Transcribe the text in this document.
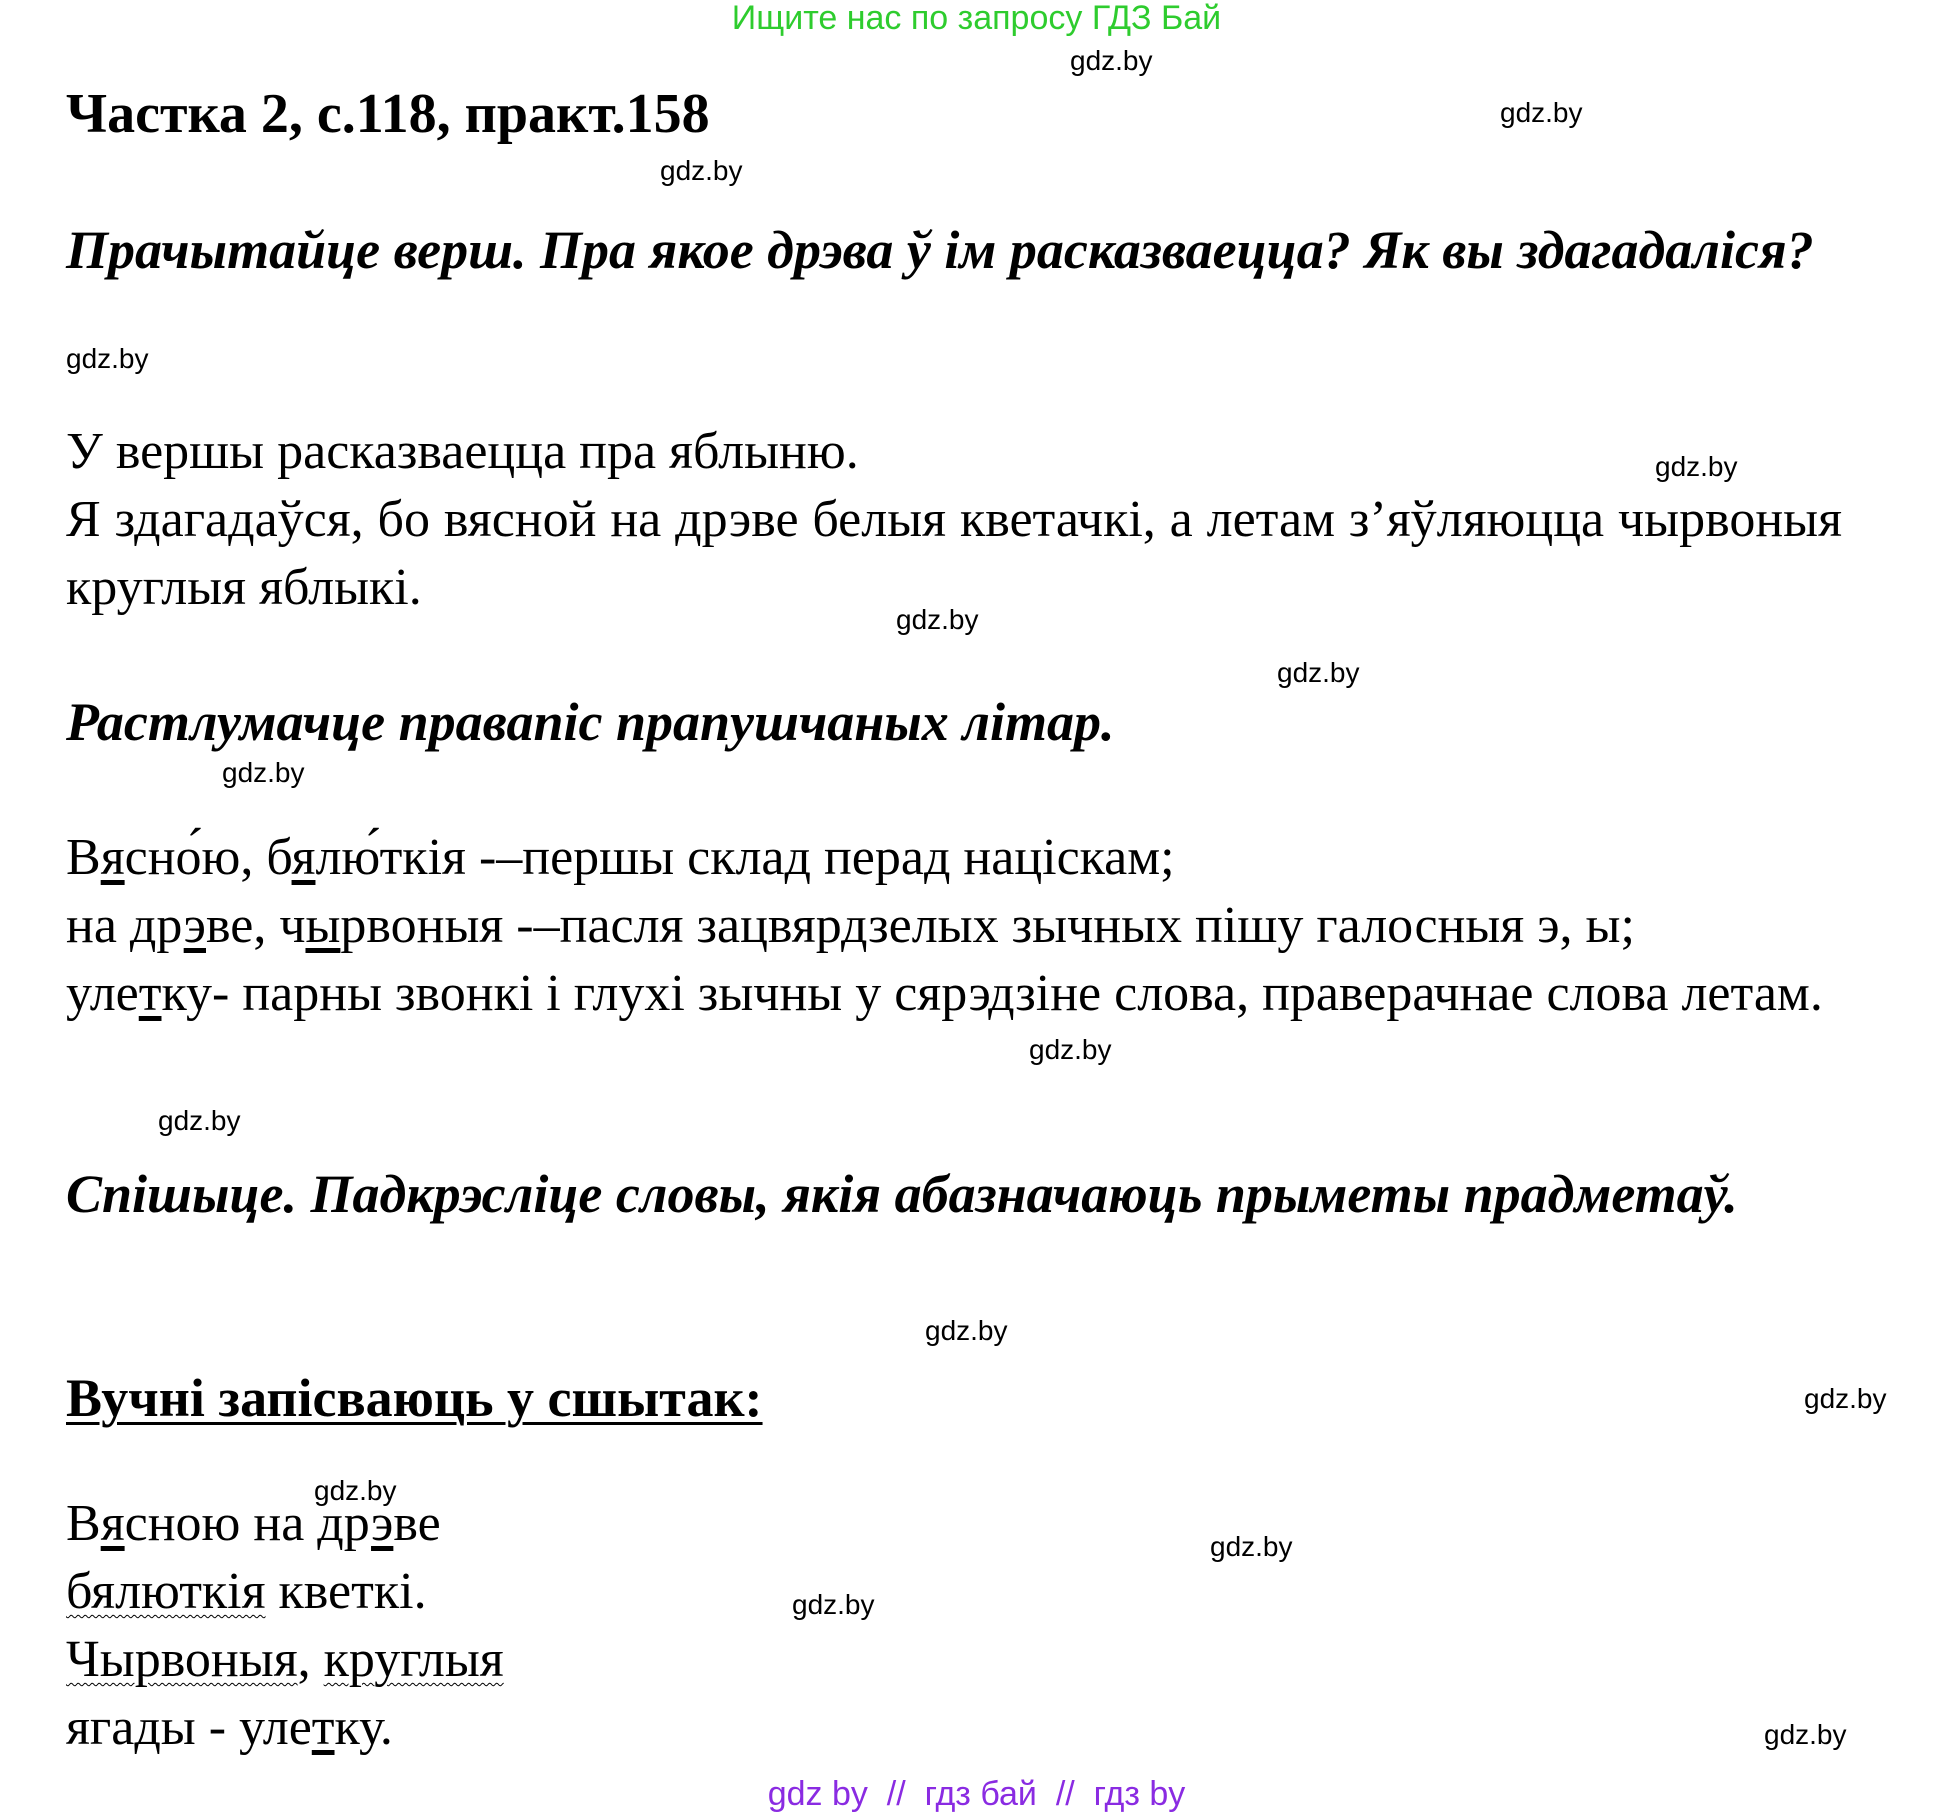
Ищите нас по запросу ГДЗ Бай
gdz.by
gdz.by
gdz.by
gdz.by
gdz.by
gdz.by
gdz.by
gdz.by
gdz.by
gdz.by
gdz.by
gdz.by
gdz.by
gdz.by
gdz.by
gdz.by
Частка 2, с.118, практ.158
Прачытайце верш. Пра якое дрэва ў ім расказваецца? Як вы здагадаліся?

У вершы расказваецца пра яблыню.

Я здагадаўся, бо вясной на дрэве белыя кветачкі, а летам з’яўляюцца чырвоныя круглыя яблыкі.

Растлумачце правапіс прапушчаных літар.

Вясно́ю, бялю́ткія -–першы склад перад націскам;

на дрэве, чырвоныя -–пасля зацвярдзелых зычных пішу галосныя э, ы;

улетку- парны звонкі і глухі зычны у сярэдзіне слова, праверачнае слова летам.

Спішыце. Падкрэсліце словы, якія абазначаюць прыметы прадметаў.
Вучні запісваюць у сшытак:

Вясною на дрэве

бялюткія кветкі.

Чырвоныя, круглыя

ягады - улетку.

gdz by  //  гдз бай  //  гдз by
